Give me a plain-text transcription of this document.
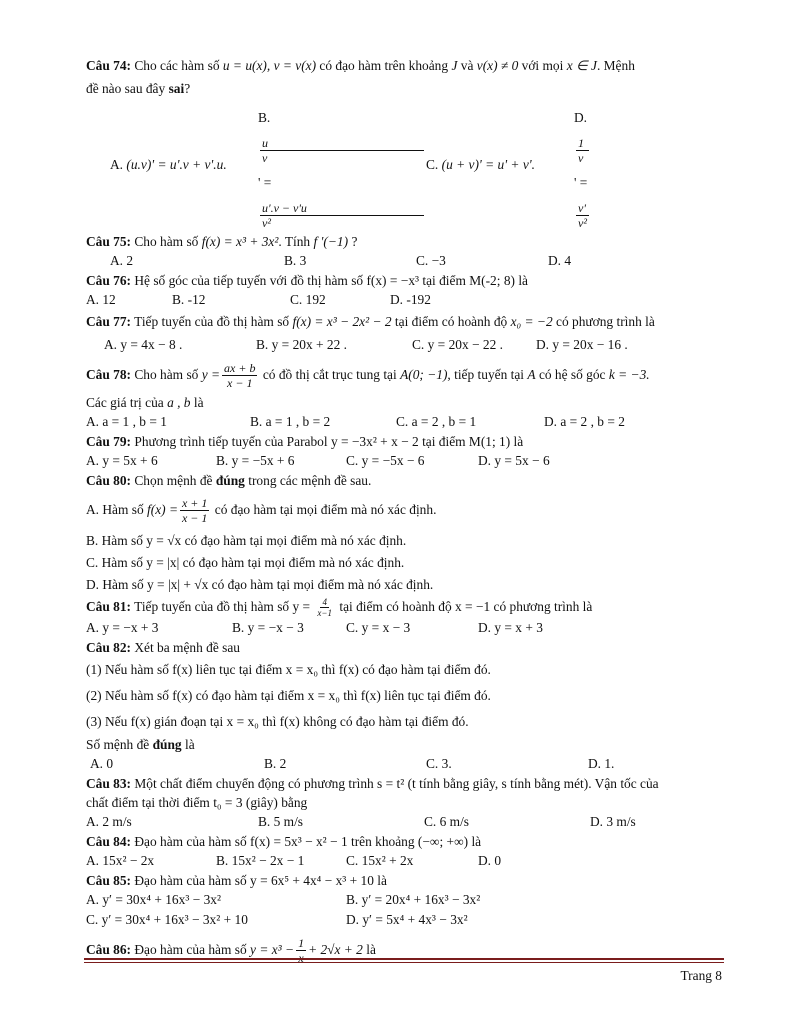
Câu 74: Cho các hàm số u = u(x), v = v(x) có đạo hàm trên khoảng J và v(x) ≠ 0 với mọi x ∈ J. Mệnh
đề nào sau đây sai?
A. (u.v)' = u'.v + v'.u.
B.
u
v
' =
u'.v − v'u
v²
C. (u + v)' = u' + v'.
D.
1
v
' =
v'
v²
Câu 75: Cho hàm số f(x) = x³ + 3x². Tính f '(−1) ?
A. 2	B. 3	C. −3	D. 4
Câu 76: Hệ số góc của tiếp tuyến với đồ thị hàm số f(x) = −x³ tại điểm M(-2; 8) là
A. 12	B. -12	C. 192	D. -192
Câu 77: Tiếp tuyến của đồ thị hàm số f(x) = x³ − 2x² − 2 tại điểm có hoành độ x₀ = −2 có phương trình là
A. y = 4x − 8 .	B. y = 20x + 22 .	C. y = 20x − 22 .	D. y = 20x − 16 .
Câu 78:
Cho hàm số
$y = \frac{ax + b}{x - 1}$
có đồ thị cắt trục tung tại
A(0; −1) , tiếp tuyến tại
A
có hệ số góc
k = −3.
Các giá trị của a , b là
A. a = 1 , b = 1	B. a = 1 , b = 2	C. a = 2 , b = 1	D. a = 2 , b = 2
Câu 79: Phương trình tiếp tuyến của Parabol y = −3x² + x − 2 tại điểm M(1; 1) là
A. y = 5x + 6	B. y = −5x + 6	C. y = −5x − 6	D. y = 5x − 6
Câu 80: Chọn mệnh đề đúng trong các mệnh đề sau.
A. Hàm số
$f(x) = \frac{x + 1}{x - 1}$
có đạo hàm tại mọi điểm mà nó xác định.
B. Hàm số y = √x có đạo hàm tại mọi điểm mà nó xác định.
C. Hàm số y = |x| có đạo hàm tại mọi điểm mà nó xác định.
D. Hàm số y = |x| + √x có đạo hàm tại mọi điểm mà nó xác định.
Câu 81: Tiếp tuyến của đồ thị hàm số $y = \frac{4}{x-1}$ tại điểm có hoành độ x = −1 có phương trình là
A. y = −x + 3	B. y = −x − 3	C. y = x − 3	D. y = x + 3
Câu 82: Xét ba mệnh đề sau
(1) Nếu hàm số f(x) liên tục tại điểm x = x₀ thì f(x) có đạo hàm tại điểm đó.
(2) Nếu hàm số f(x) có đạo hàm tại điểm x = x₀ thì f(x) liên tục tại điểm đó.
(3) Nếu f(x) gián đoạn tại x = x₀ thì f(x) không có đạo hàm tại điểm đó.
Số mệnh đề đúng là
A. 0	B. 2	C. 3.	D. 1.
Câu 83: Một chất điểm chuyển động có phương trình s = t² (t tính bằng giây, s tính bằng mét). Vận tốc của
chất điểm tại thời điểm t₀ = 3 (giây) bằng
A. 2 m/s	B. 5 m/s	C. 6 m/s	D. 3 m/s
Câu 84: Đạo hàm của hàm số f(x) = 5x³ − x² − 1 trên khoảng (−∞; +∞) là
A. 15x² − 2x	B. 15x² − 2x − 1	C. 15x² + 2x	D. 0
Câu 85: Đạo hàm của hàm số y = 6x⁵ + 4x⁴ − x³ + 10 là
A. y′ = 30x⁴ + 16x³ − 3x²	B. y′ = 20x⁴ + 16x³ − 3x²
C. y′ = 30x⁴ + 16x³ − 3x² + 10	D. y′ = 5x⁴ + 4x³ − 3x²
Câu 86:
Đạo hàm của hàm số
y = x³ − 1 + 2√x + 2
là
Trang 8
